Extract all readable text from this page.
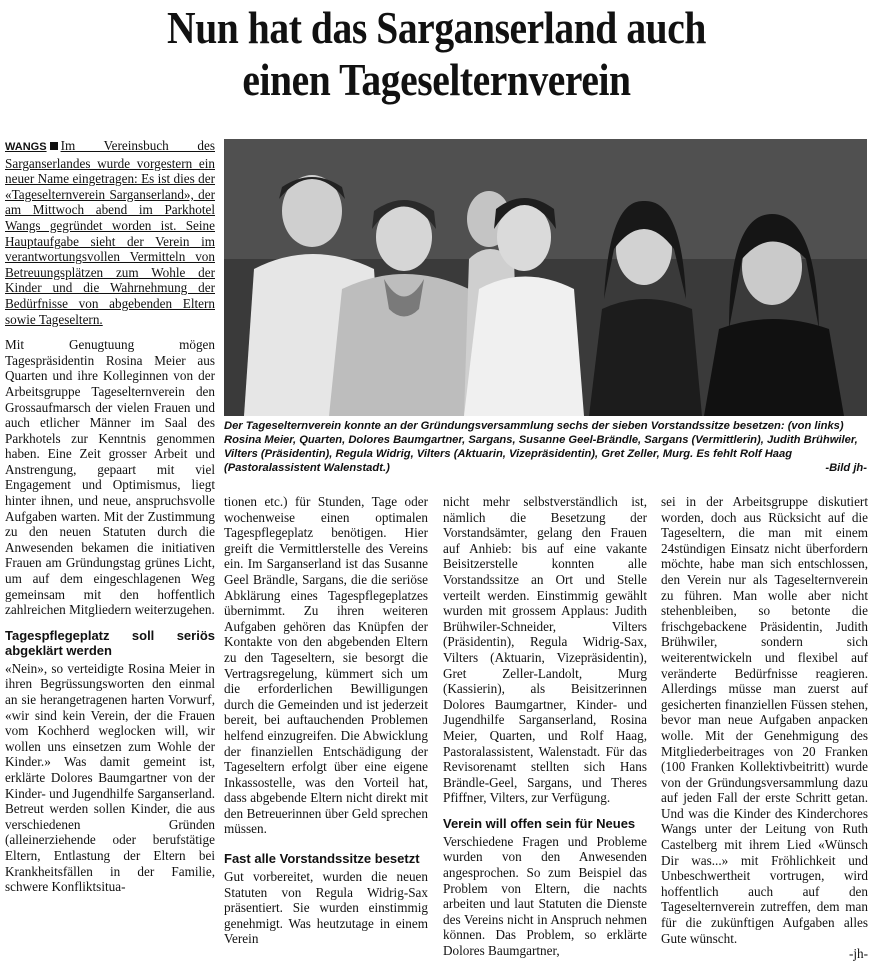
Nun hat das Sarganserland auch
einen Tageselternverein

WANGS Im Vereinsbuch des Sarganserlandes wurde vorgestern ein neuer Name eingetragen: Es ist dies der «Tageselternverein Sarganserland», der am Mittwoch abend im Parkhotel Wangs gegründet worden ist. Seine Hauptaufgabe sieht der Verein im verantwortungsvollen Vermitteln von Betreuungsplätzen zum Wohle der Kinder und die Wahrnehmung der Bedürfnisse von abgebenden Eltern sowie Tageseltern.

Mit Genugtuung mögen Tagespräsidentin Rosina Meier aus Quarten und ihre Kolleginnen von der Arbeitsgruppe Tageselternverein den Grossaufmarsch der vielen Frauen und auch etlicher Männer im Saal des Parkhotels zur Kenntnis genommen haben. Eine Zeit grosser Arbeit und Anstrengung, gepaart mit viel Engagement und Optimismus, liegt hinter ihnen, und neue, anspruchsvolle Aufgaben warten. Mit der Zustimmung zu den neuen Statuten durch die Anwesenden bekamen die initiativen Frauen am Gründungstag grünes Licht, um auf dem eingeschlagenen Weg gemeinsam mit den hoffentlich zahlreichen Mitgliedern weiterzugehen.

Tagespflegeplatz soll seriös abgeklärt werden

«Nein», so verteidigte Rosina Meier in ihren Begrüssungsworten den einmal an sie herangetragenen harten Vorwurf, «wir sind kein Verein, der die Frauen vom Kochherd weglocken will, wir wollen uns einsetzen zum Wohle der Kinder.» Was damit gemeint ist, erklärte Dolores Baumgartner von der Kinder- und Jugendhilfe Sarganserland. Betreut werden sollen Kinder, die aus verschiedenen Gründen (alleinerziehende oder berufstätige Eltern, Entlastung der Eltern bei Krankheitsfällen in der Familie, schwere Konfliktsitua-

Der Tageselternverein konnte an der Gründungsversammlung sechs der sieben Vorstandssitze besetzen: (von links) Rosina Meier, Quarten, Dolores Baumgartner, Sargans, Susanne Geel-Brändle, Sargans (Vermittlerin), Judith Brühwiler, Vilters (Präsidentin), Regula Widrig, Vilters (Aktuarin, Vizepräsidentin), Gret Zeller, Murg. Es fehlt Rolf Haag (Pastoralassistent Walenstadt.)	-Bild jh-

tionen etc.) für Stunden, Tage oder wochenweise einen optimalen Tagespflegeplatz benötigen. Hier greift die Vermittlerstelle des Vereins ein. Im Sarganserland ist das Susanne Geel Brändle, Sargans, die die seriöse Abklärung eines Tagespflegeplatzes übernimmt. Zu ihren weiteren Aufgaben gehören das Knüpfen der Kontakte von den abgebenden Eltern zu den Tageseltern, sie besorgt die Vertragsregelung, kümmert sich um die erforderlichen Bewilligungen durch die Gemeinden und ist jederzeit bereit, bei auftauchenden Problemen helfend einzugreifen. Die Abwicklung der finanziellen Entschädigung der Tageseltern erfolgt über eine eigene Inkassostelle, was den Vorteil hat, dass abgebende Eltern nicht direkt mit den Betreuerinnen über Geld sprechen müssen.

Fast alle Vorstandssitze besetzt

Gut vorbereitet, wurden die neuen Statuten von Regula Widrig-Sax präsentiert. Sie wurden einstimmig genehmigt. Was heutzutage in einem Verein

nicht mehr selbstverständlich ist, nämlich die Besetzung der Vorstandsämter, gelang den Frauen auf Anhieb: bis auf eine vakante Beisitzerstelle konnten alle Vorstandssitze an Ort und Stelle verteilt werden. Einstimmig gewählt wurden mit grossem Applaus: Judith Brühwiler-Schneider, Vilters (Präsidentin), Regula Widrig-Sax, Vilters (Aktuarin, Vizepräsidentin), Gret Zeller-Landolt, Murg (Kassierin), als Beisitzerinnen Dolores Baumgartner, Kinder- und Jugendhilfe Sarganserland, Rosina Meier, Quarten, und Rolf Haag, Pastoralassistent, Walenstadt. Für das Revisorenamt stellten sich Hans Brändle-Geel, Sargans, und Theres Pfiffner, Vilters, zur Verfügung.

Verein will offen sein für Neues

Verschiedene Fragen und Probleme wurden von den Anwesenden angesprochen. So zum Beispiel das Problem von Eltern, die nachts arbeiten und laut Statuten die Dienste des Vereins nicht in Anspruch nehmen können. Das Problem, so erklärte Dolores Baumgartner,

sei in der Arbeitsgruppe diskutiert worden, doch aus Rücksicht auf die Tageseltern, die man mit einem 24stündigen Einsatz nicht überfordern möchte, habe man sich entschlossen, den Verein nur als Tageselternverein zu führen. Man wolle aber nicht stehenbleiben, so betonte die frischgebackene Präsidentin, Judith Brühwiler, sondern sich weiterentwickeln und flexibel auf veränderte Bedürfnisse reagieren. Allerdings müsse man zuerst auf gesicherten finanziellen Füssen stehen, bevor man neue Aufgaben anpacken wolle. Mit der Genehmigung des Mitgliederbeitrages von 20 Franken (100 Franken Kollektivbeitritt) wurde von der Gründungsversammlung dazu auf jeden Fall der erste Schritt getan. Und was die Kinder des Kinderchores Wangs unter der Leitung von Ruth Castelberg mit ihrem Lied «Wünsch Dir was...» mit Fröhlichkeit und Unbeschwertheit vortrugen, wird hoffentlich auch auf den Tageselternverein zutreffen, dem man für die zukünftigen Aufgaben alles Gute wünscht.

-jh-
